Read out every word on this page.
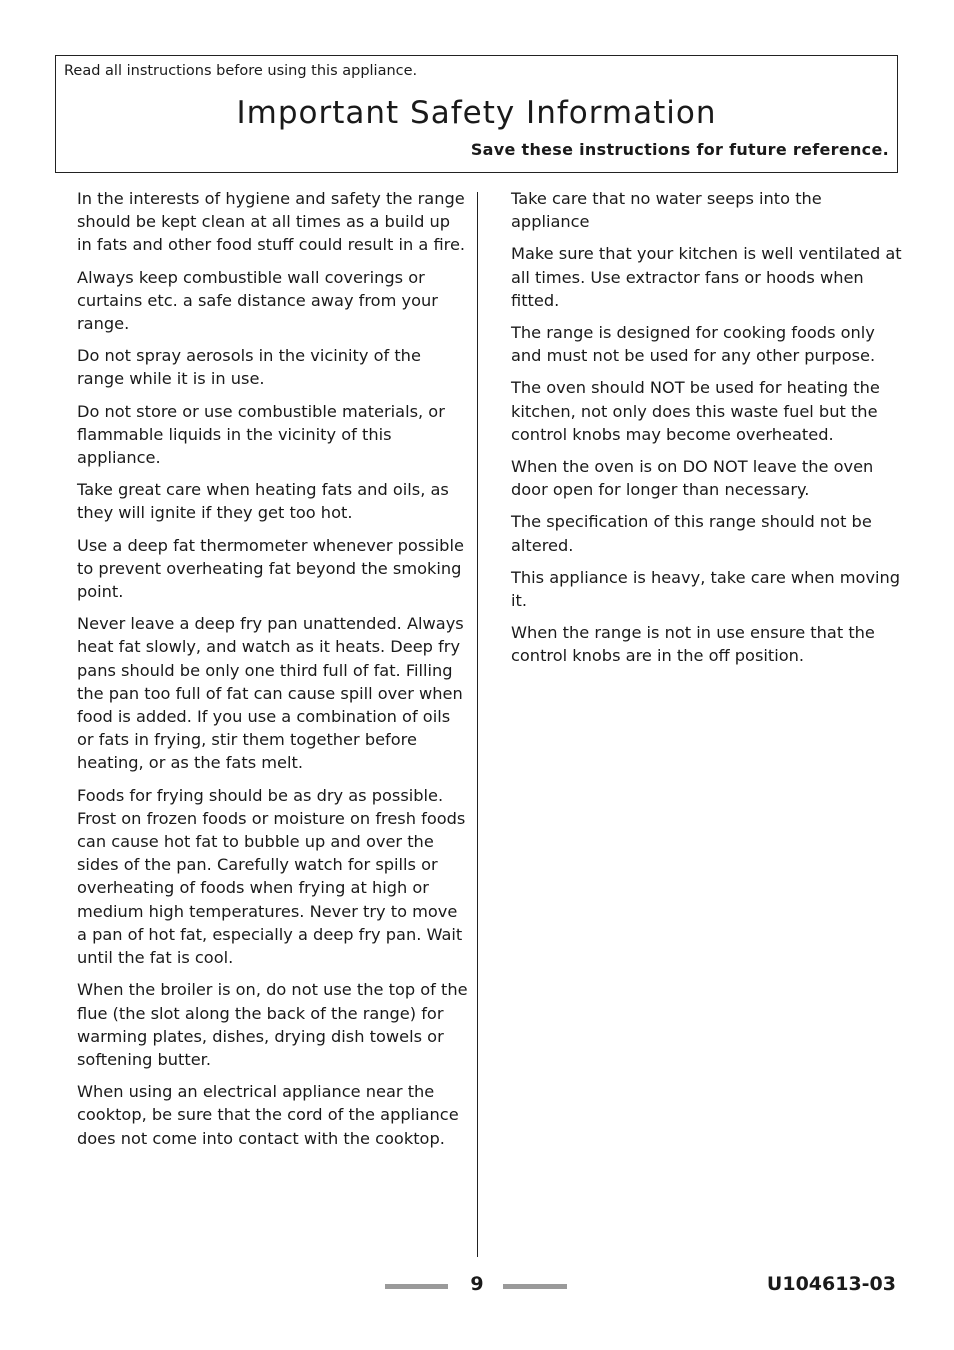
Read all instructions before using this appliance.
Important Safety Information
Save these instructions for future reference.

In the interests of hygiene and safety the range should be kept clean at all times as a build up in fats and other food stuff could result in a fire.

Always keep combustible wall coverings or curtains etc. a safe distance away from your range.

Do not spray aerosols in the vicinity of the range while it is in use.

Do not store or use combustible materials, or flammable liquids in the vicinity of this appliance.

Take great care when heating fats and oils, as they will ignite if they get too hot.

Use a deep fat thermometer whenever possible to prevent overheating fat beyond the smoking point.

Never leave a deep fry pan unattended. Always heat fat slowly, and watch as it heats. Deep fry pans should be only one third full of fat. Filling the pan too full of fat can cause spill over when food is added. If you use a combination of oils or fats in frying, stir them together before heating, or as the fats melt.

Foods for frying should be as dry as possible. Frost on frozen foods or moisture on fresh foods can cause hot fat to bubble up and over the sides of the pan. Carefully watch for spills or overheating of foods when frying at high or medium high temperatures. Never try to move a pan of hot fat, especially a deep fry pan. Wait until the fat is cool.

When the broiler is on, do not use the top of the flue (the slot along the back of the range) for warming plates, dishes, drying dish towels or softening butter.

When using an electrical appliance near the cooktop, be sure that the cord of the appliance does not come into contact with the cooktop.

Take care that no water seeps into the appliance

Make sure that your kitchen is well ventilated at all times. Use extractor fans or hoods when fitted.

The range is designed for cooking foods only and must not be used for any other purpose.

The oven should NOT be used for heating the kitchen, not only does this waste fuel but the control knobs may become overheated.

When the oven is on DO NOT leave the oven door open for longer than necessary.

The specification of this range should not be altered.

This appliance is heavy, take care when moving it.

When the range is not in use ensure that the control knobs are in the off position.

9	U104613-03
